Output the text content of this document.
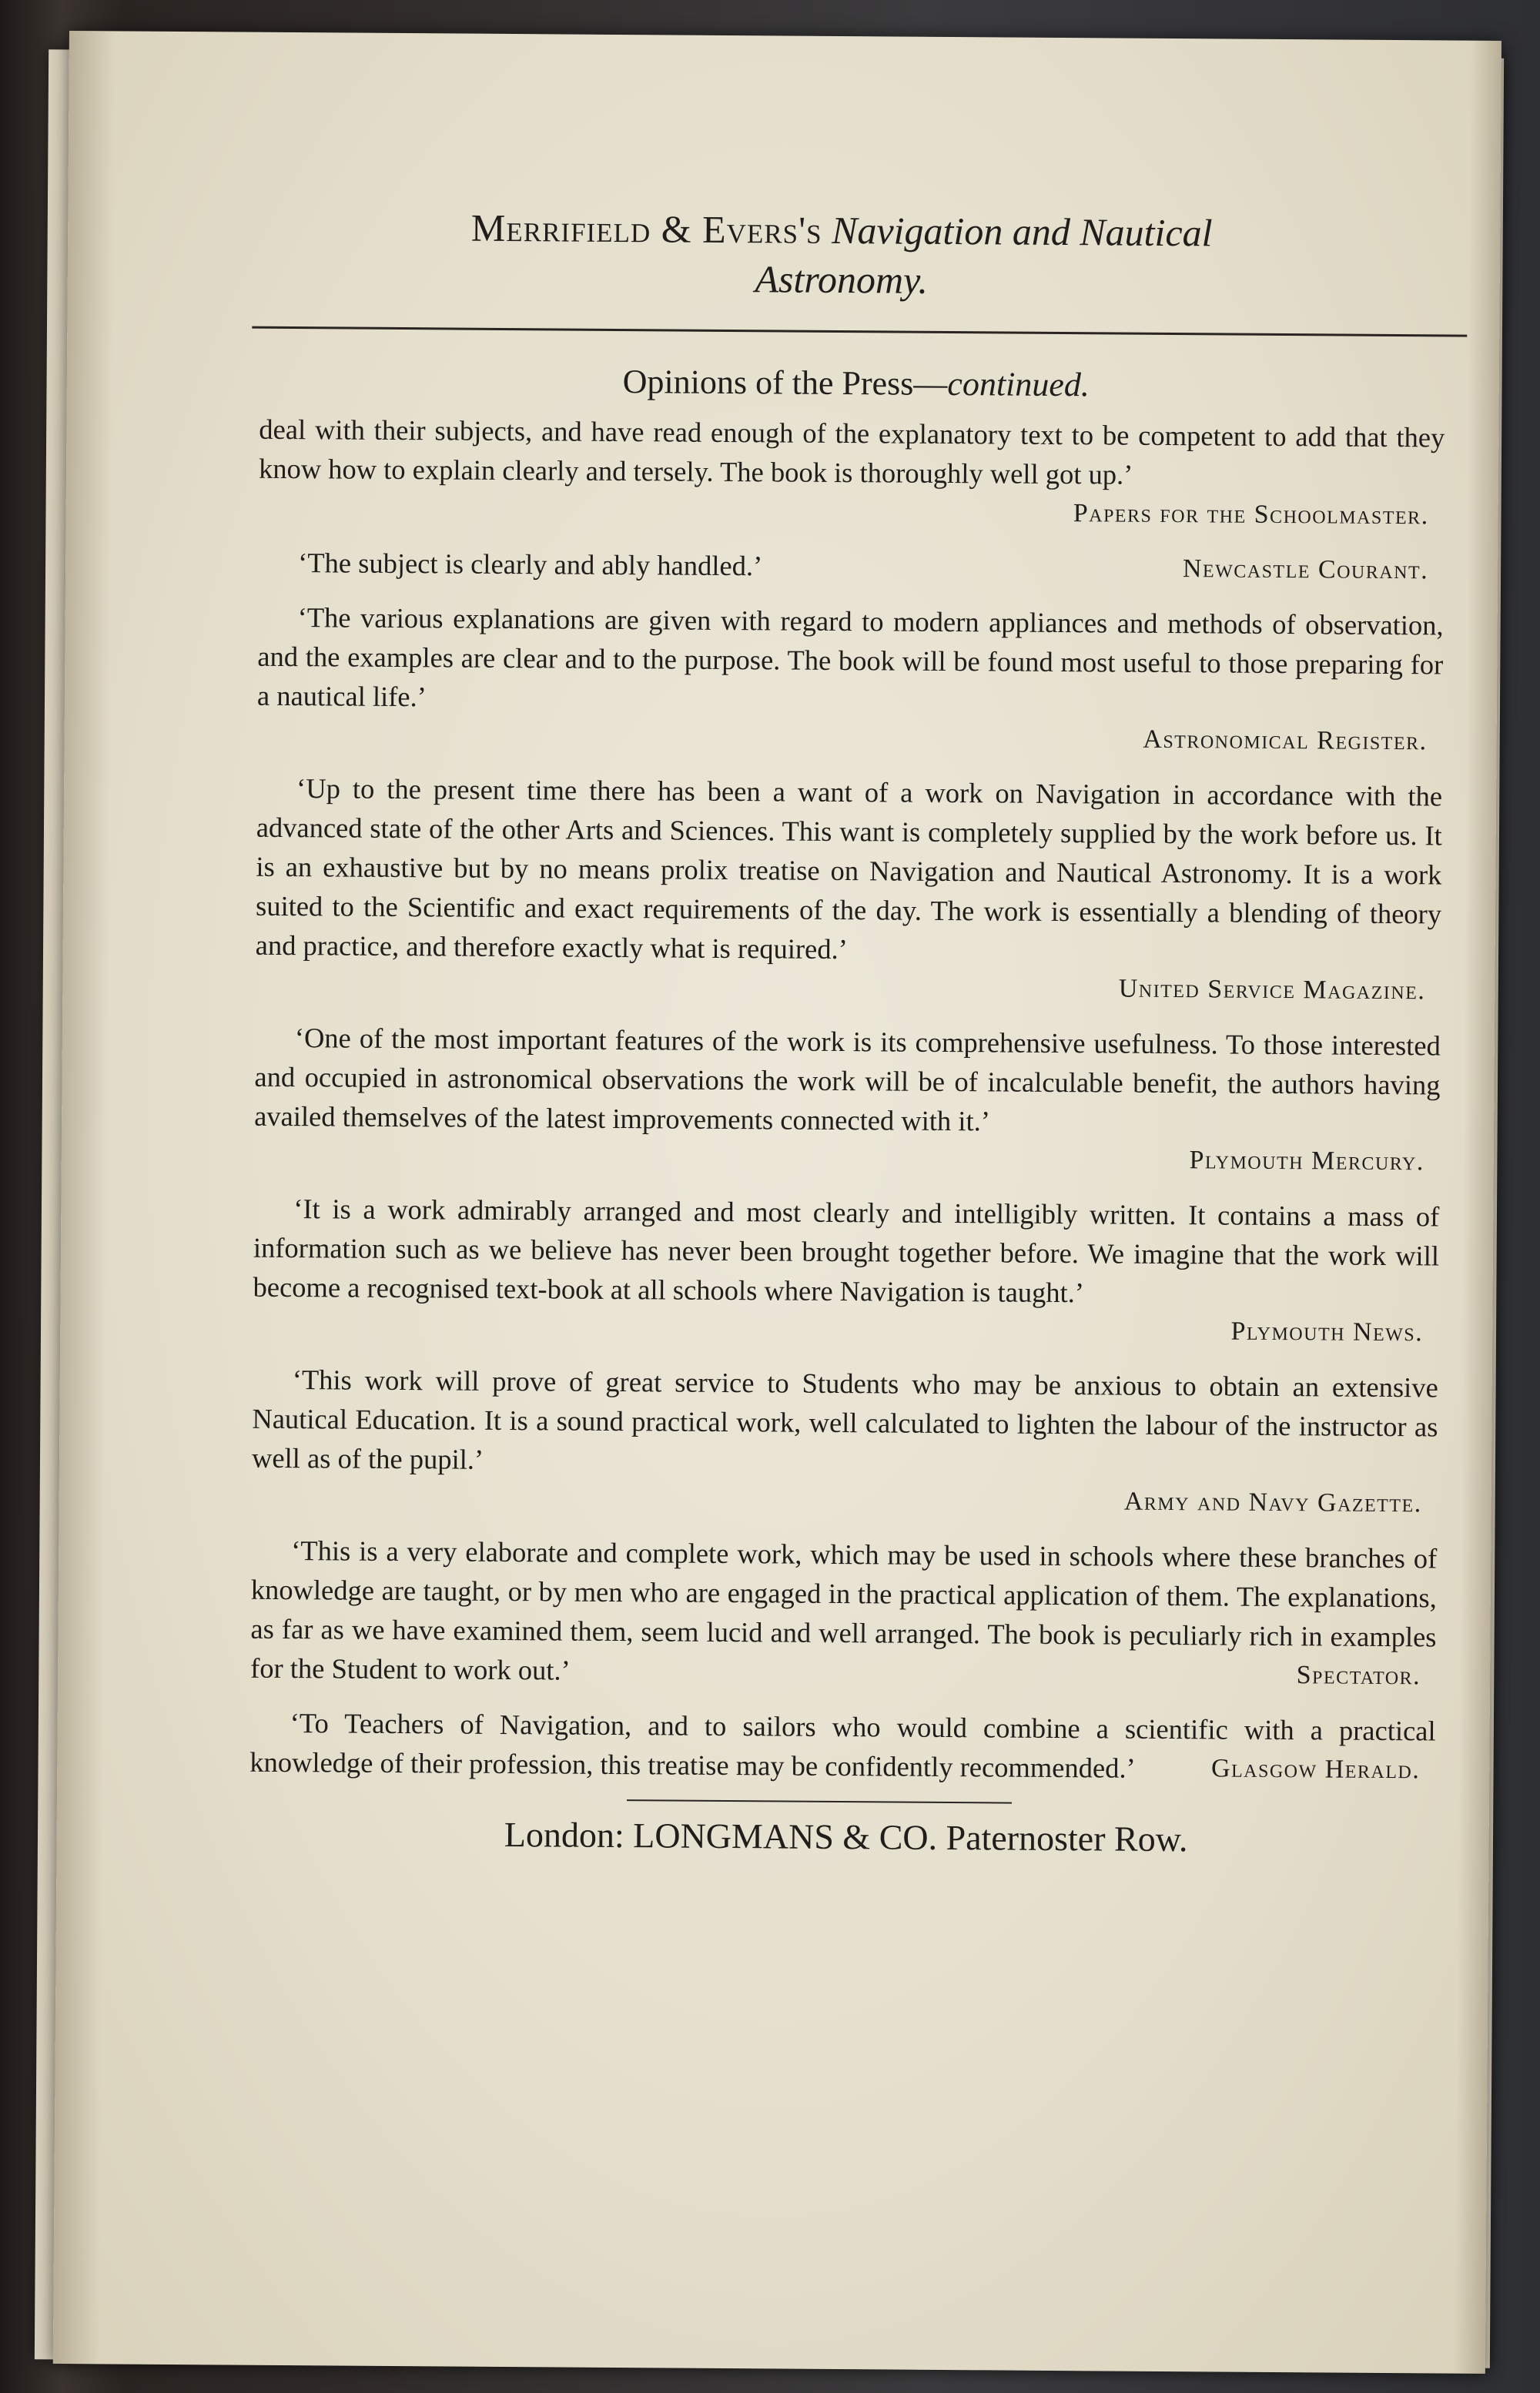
Merrifield & Evers's Navigation and Nautical
Astronomy.
Opinions of the Press—continued.
deal with their subjects, and have read enough of the explanatory text to be competent to add that they know how to explain clearly and tersely. The book is thoroughly well got up.’
Papers for the Schoolmaster.
‘The subject is clearly and ably handled.’	Newcastle Courant.
‘The various explanations are given with regard to modern appliances and methods of observation, and the examples are clear and to the purpose. The book will be found most useful to those preparing for a nautical life.’
Astronomical Register.
‘Up to the present time there has been a want of a work on Navigation in accordance with the advanced state of the other Arts and Sciences. This want is completely supplied by the work before us. It is an exhaustive but by no means prolix treatise on Navigation and Nautical Astronomy. It is a work suited to the Scientific and exact requirements of the day. The work is essentially a blending of theory and practice, and therefore exactly what is required.’
United Service Magazine.
‘One of the most important features of the work is its comprehensive usefulness. To those interested and occupied in astronomical observations the work will be of incalculable benefit, the authors having availed themselves of the latest improvements connected with it.’
Plymouth Mercury.
‘It is a work admirably arranged and most clearly and intelligibly written. It contains a mass of information such as we believe has never been brought together before. We imagine that the work will become a recognised text-book at all schools where Navigation is taught.’
Plymouth News.
‘This work will prove of great service to Students who may be anxious to obtain an extensive Nautical Education. It is a sound practical work, well calculated to lighten the labour of the instructor as well as of the pupil.’
Army and Navy Gazette.
‘This is a very elaborate and complete work, which may be used in schools where these branches of knowledge are taught, or by men who are engaged in the practical application of them. The explanations, as far as we have examined them, seem lucid and well arranged. The book is peculiarly rich in examples for the Student to work out.’	Spectator.
‘To Teachers of Navigation, and to sailors who would combine a scientific with a practical knowledge of their profession, this treatise may be confidently recommended.’	Glasgow Herald.
London: LONGMANS & CO. Paternoster Row.
